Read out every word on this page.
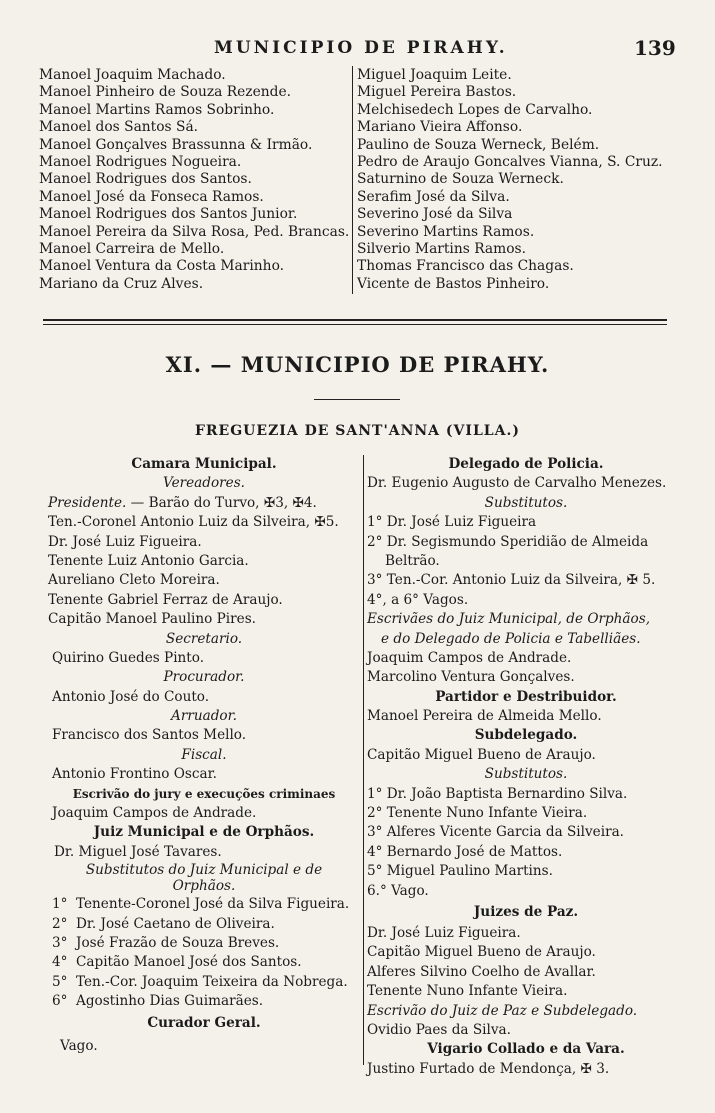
MUNICIPIO DE PIRAHY.	139
Manoel Joaquim Machado.
Manoel Pinheiro de Souza Rezende.
Manoel Martins Ramos Sobrinho.
Manoel dos Santos Sá.
Manoel Gonçalves Brassunna & Irmão.
Manoel Rodrigues Nogueira.
Manoel Rodrigues dos Santos.
Manoel José da Fonseca Ramos.
Manoel Rodrigues dos Santos Junior.
Manoel Pereira da Silva Rosa, Ped. Brancas.
Manoel Carreira de Mello.
Manoel Ventura da Costa Marinho.
Mariano da Cruz Alves.
Miguel Joaquim Leite.
Miguel Pereira Bastos.
Melchisedech Lopes de Carvalho.
Mariano Vieira Affonso.
Paulino de Souza Werneck, Belém.
Pedro de Araujo Goncalves Vianna, S. Cruz.
Saturnino de Souza Werneck.
Serafim José da Silva.
Severino José da Silva
Severino Martins Ramos.
Silverio Martins Ramos.
Thomas Francisco das Chagas.
Vicente de Bastos Pinheiro.
XI. — MUNICIPIO DE PIRAHY.
FREGUEZIA DE SANT'ANNA (VILLA.)
Camara Municipal.
Vereadores.
Presidente. — Barão do Turvo, ✠3, ✠4.
Ten.-Coronel Antonio Luiz da Silveira, ✠5.
Dr. José Luiz Figueira.
Tenente Luiz Antonio Garcia.
Aureliano Cleto Moreira.
Tenente Gabriel Ferraz de Araujo.
Capitão Manoel Paulino Pires.
Secretario.
Quirino Guedes Pinto.
Procurador.
Antonio José do Couto.
Arruador.
Francisco dos Santos Mello.
Fiscal.
Antonio Frontino Oscar.
Escrivão do jury e execuções criminaes
Joaquim Campos de Andrade.
Juiz Municipal e de Orphãos.
Dr. Miguel José Tavares.
Substitutos do Juiz Municipal e de
Orphãos.
1° Tenente-Coronel José da Silva Figueira.
2° Dr. José Caetano de Oliveira.
3° José Frazão de Souza Breves.
4° Capitão Manoel José dos Santos.
5° Ten.-Cor. Joaquim Teixeira da Nobrega.
6° Agostinho Dias Guimarães.
Curador Geral.
Vago.
Delegado de Policia.
Dr. Eugenio Augusto de Carvalho Menezes.
Substitutos.
1° Dr. José Luiz Figueira
2° Dr. Segismundo Speridião de Almeida
Beltrão.
3° Ten.-Cor. Antonio Luiz da Silveira, ✠ 5.
4°, a 6° Vagos.
Escrivães do Juiz Municipal, de Orphãos,
e do Delegado de Policia e Tabelliães.
Joaquim Campos de Andrade.
Marcolino Ventura Gonçalves.
Partidor e Destribuidor.
Manoel Pereira de Almeida Mello.
Subdelegado.
Capitão Miguel Bueno de Araujo.
Substitutos.
1° Dr. João Baptista Bernardino Silva.
2° Tenente Nuno Infante Vieira.
3° Alferes Vicente Garcia da Silveira.
4° Bernardo José de Mattos.
5° Miguel Paulino Martins.
6.° Vago.
Juizes de Paz.
Dr. José Luiz Figueira.
Capitão Miguel Bueno de Araujo.
Alferes Silvino Coelho de Avallar.
Tenente Nuno Infante Vieira.
Escrivão do Juiz de Paz e Subdelegado.
Ovidio Paes da Silva.
Vigario Collado e da Vara.
Justino Furtado de Mendonça, ✠ 3.
